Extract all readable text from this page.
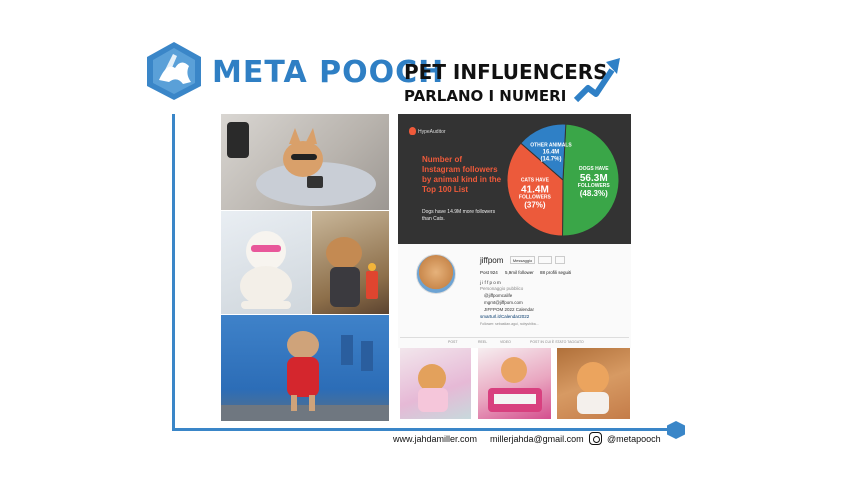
META POOCH
PET INFLUENCERS
PARLANO I NUMERI
HypeAuditor
Number of Instagram followers by animal kind in the Top 100 List
Dogs have 14.9M more followers than Cats.
DOGS HAVE
56.3M
FOLLOWERS
(48.3%)
CATS HAVE
41.4M
FOLLOWERS
(37%)
OTHER ANIMALS
16.4M
(14.7%)
jiffpom	Messaggio
Post 924 5,9mil follower 88 profili seguiti
j i f f p o m
Personaggio pubblico
@jiffpomcalife
mgmt@jiffpom.com
JIFFPOM 2022 Calendar
smarturl.it/Calendar2022
Follower: sebastian.agui, nobyshiba...
POST	REEL	VIDEO	POST IN CUI È STATO TAGGATO
www.jahdamiller.com millerjahda@gmail.com	@metapooch
